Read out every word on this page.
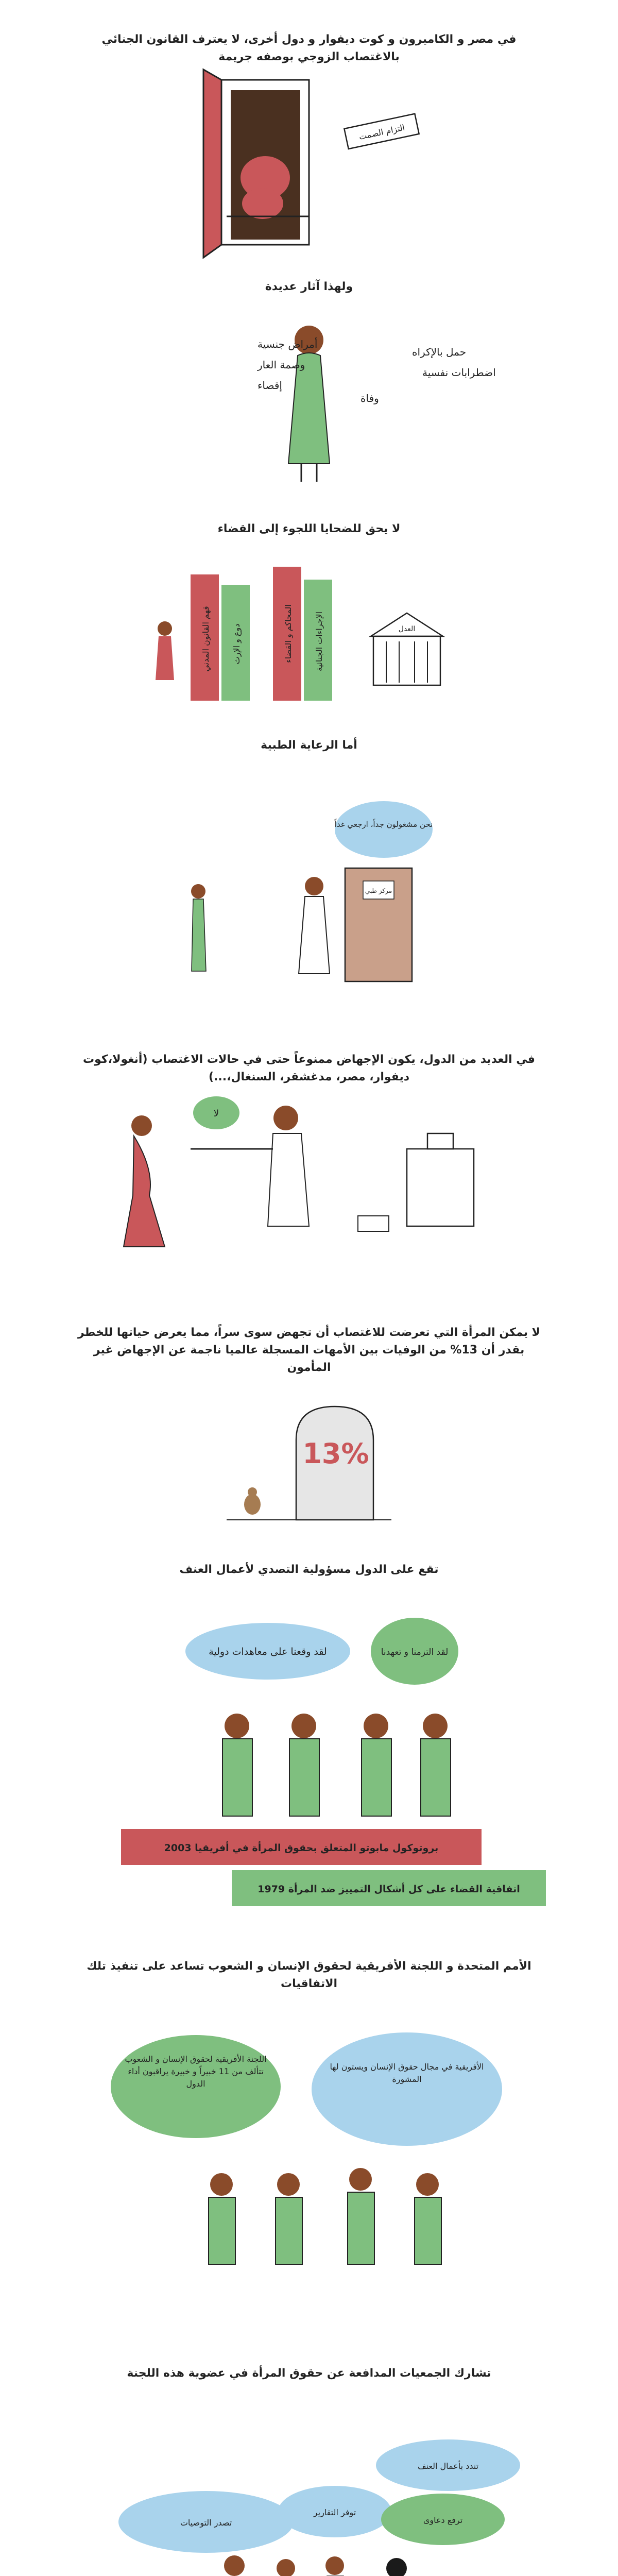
في مصر و الكاميرون و كوت ديفوار و دول أخرى، لا يعترف القانون الجنائي بالاغتصاب الزوجي بوصفه جريمة
التزام الصمت
ولهذا آثار عديدة
أمراض جنسية
وصمة العار
إقصاء
حمل بالإكراه
اضطرابات نفسية
وفاة
لا يحق للضحايا اللجوء إلى القضاء
فهم القانون المدني	دوع و الإرث	المحاكم و القضاء	الإجراءات الجنائية	العدل
أما الرعاية الطبية
نحن مشغولون جداً، ارجعي غداً
مركز طبي
في العديد من الدول، يكون الإجهاض ممنوعاً حتى في حالات الاغتصاب (أنغولا،كوت ديفوار، مصر، مدغشقر، السنغال،...)
لا
لا يمكن المرأة التي تعرضت للاغتصاب أن تجهض سوى سراً، مما يعرض حياتها للخطر بقدر أن 13% من الوفيات بين الأمهات المسجلة عالميا ناجمة عن الإجهاض غير المأمون
13%
تقع على الدول مسؤولية التصدي لأعمال العنف
لقد وقعنا على معاهدات دولية	لقد التزمنا و تعهدنا
بروتوكول مابوتو المتعلق بحقوق المرأة في أفريقيا 2003
اتفاقية القضاء على كل أشكال التمييز ضد المرأة 1979
الأمم المتحدة و اللجنة الأفريقية لحقوق الإنسان و الشعوب تساعد على تنفيذ تلك الاتفاقيات
اللجنة الأفريقية لحقوق الإنسان و الشعوب تتألف من 11 خبيراً و خبيرة يراقبون أداء الدول
الأفريقية في مجال حقوق الإنسان ويستون لها المشورة
تشارك الجمعيات المدافعة عن حقوق المرأة في عضوية هذه اللجنة
تندد بأعمال العنف
توفر التقارير
تصدر التوصيات	ترفع دعاوى
